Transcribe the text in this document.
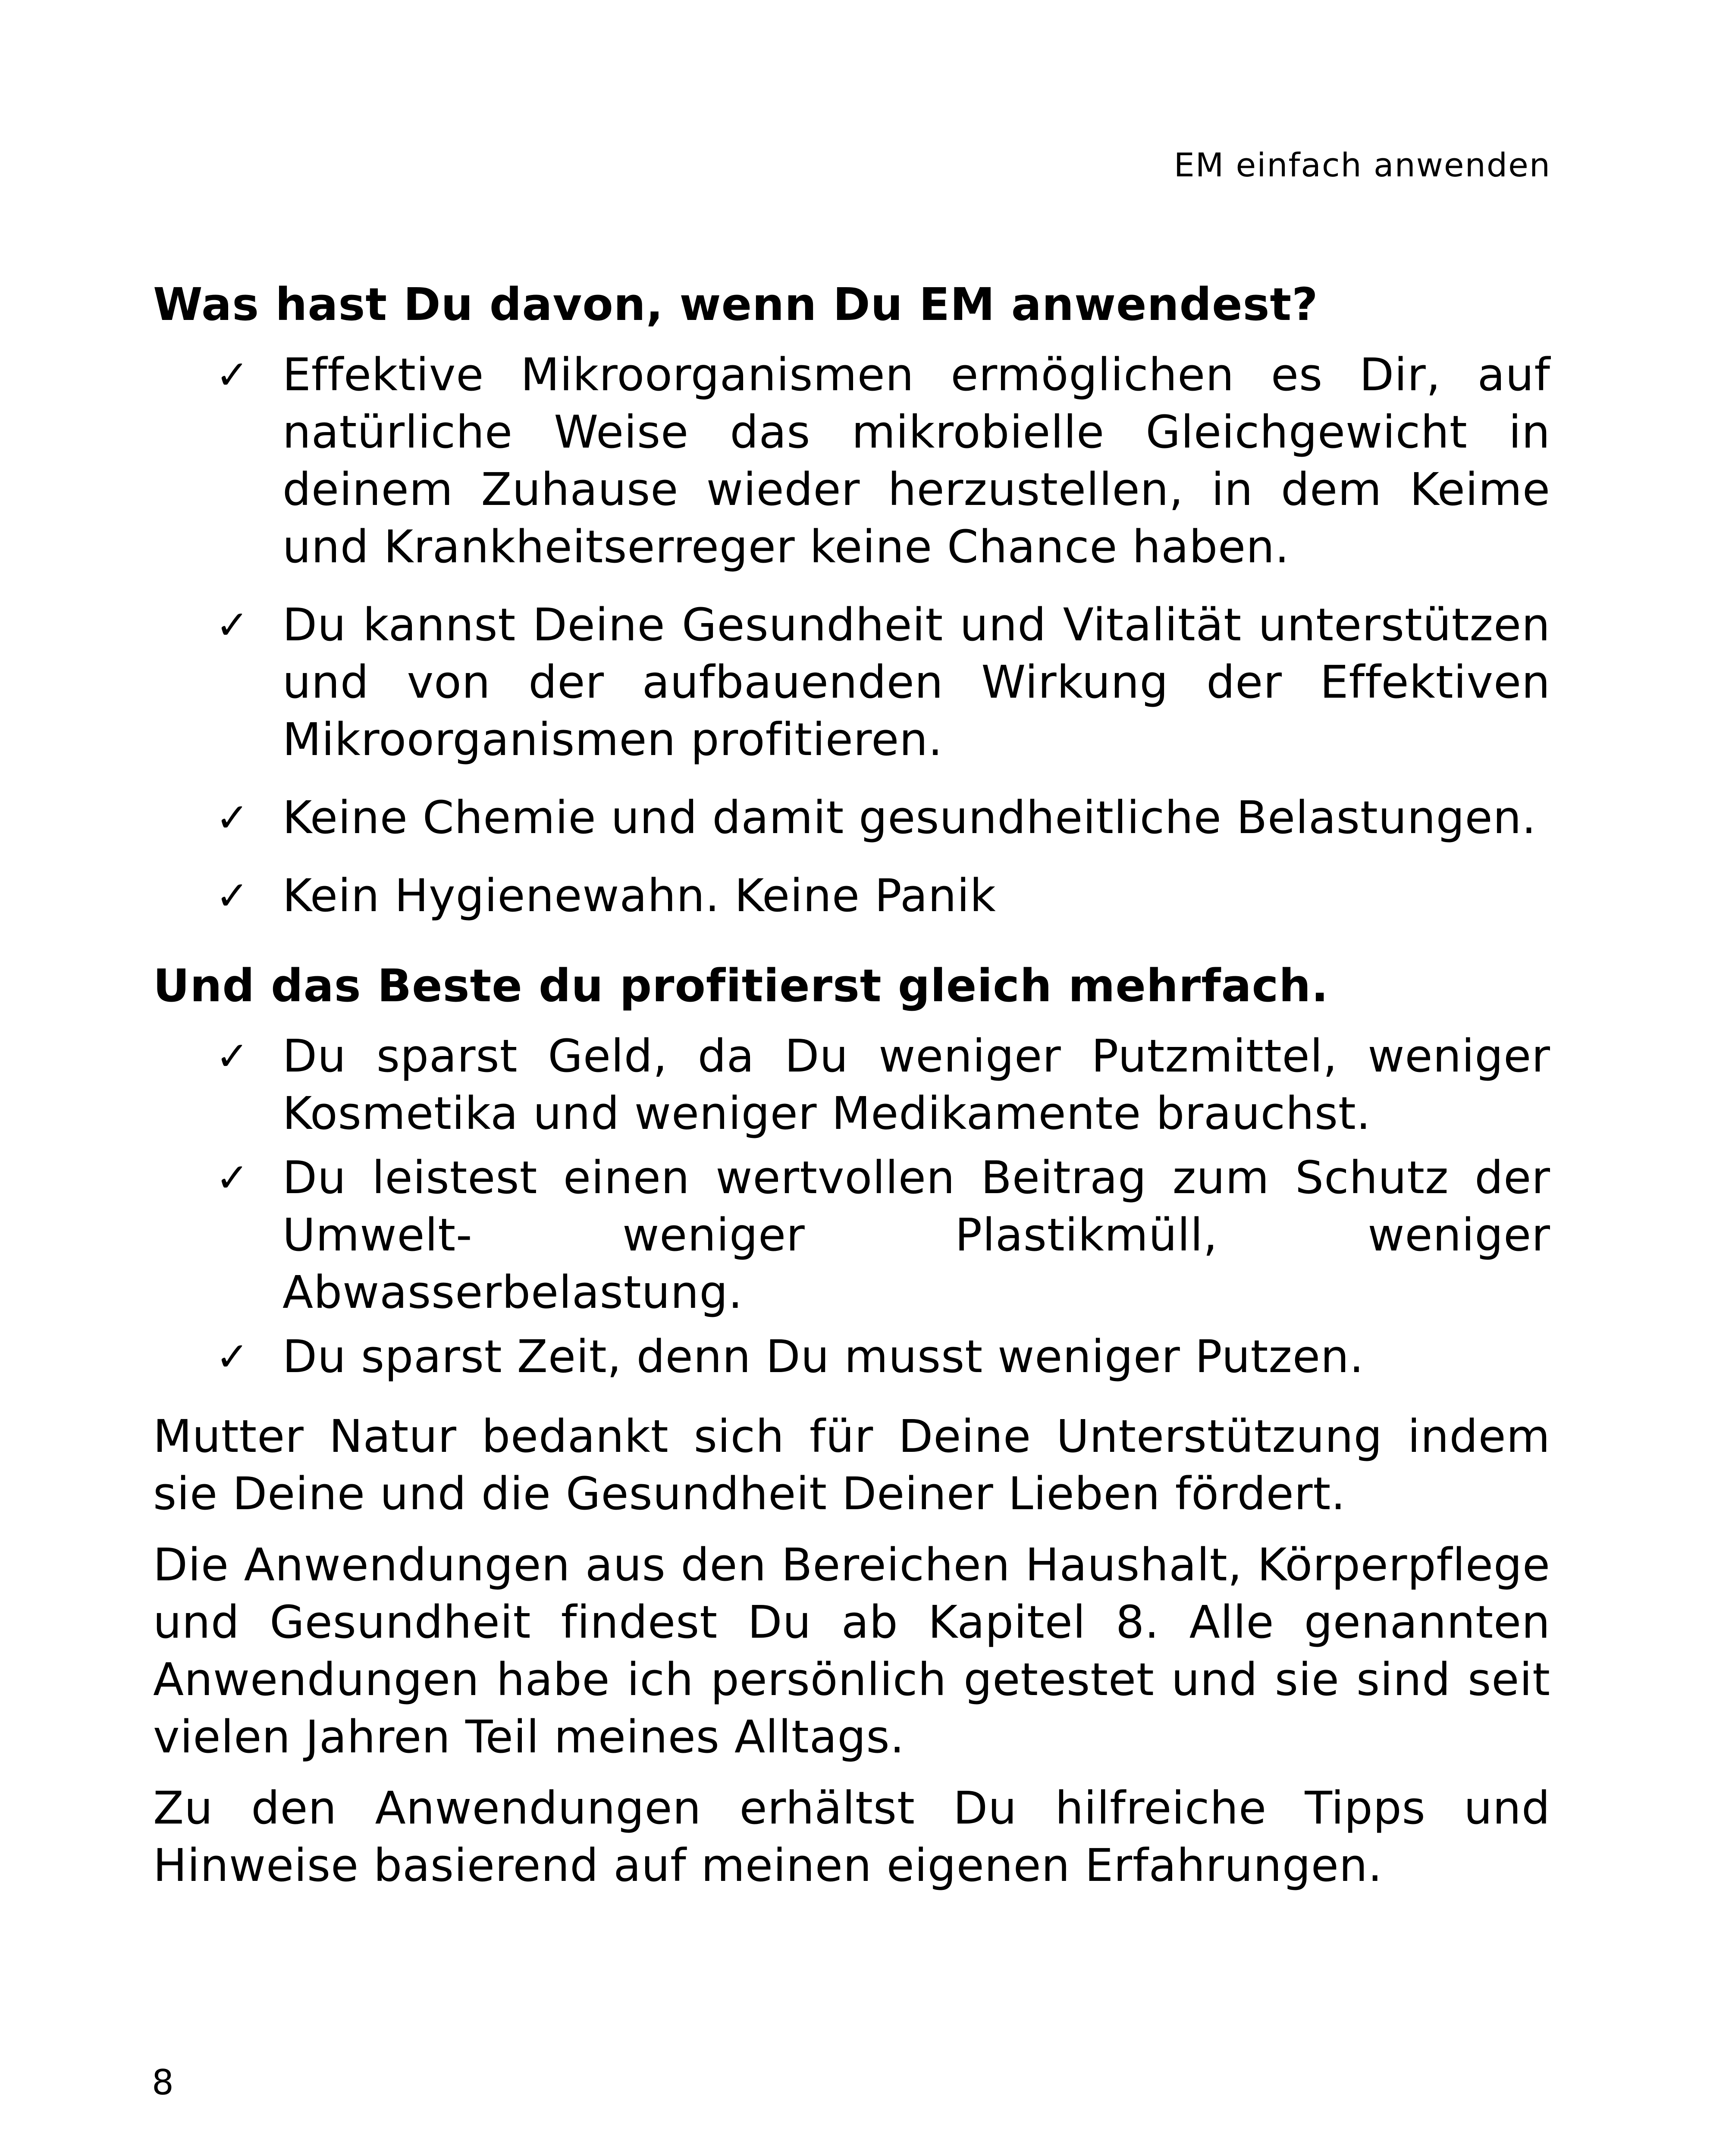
EM einfach anwenden
Was hast Du davon, wenn Du EM anwendest?
✓ Effektive Mikroorganismen ermöglichen es Dir, auf natürliche Weise das mikrobielle Gleichgewicht in deinem Zuhause wieder herzustellen, in dem Keime und Krankheitserreger keine Chance haben.
✓ Du kannst Deine Gesundheit und Vitalität unterstützen und von der aufbauenden Wirkung der Effektiven Mikroorganismen profitieren.
✓ Keine Chemie und damit gesundheitliche Belastungen.
✓ Kein Hygienewahn. Keine Panik
Und das Beste du profitierst gleich mehrfach.
✓ Du sparst Geld, da Du weniger Putzmittel, weniger Kosmetika und weniger Medikamente brauchst.
✓ Du leistest einen wertvollen Beitrag zum Schutz der Umwelt- weniger Plastikmüll, weniger Abwasserbelastung.
✓ Du sparst Zeit, denn Du musst weniger Putzen.

Mutter Natur bedankt sich für Deine Unterstützung indem sie Deine und die Gesundheit Deiner Lieben fördert.

Die Anwendungen aus den Bereichen Haushalt, Körperpflege und Gesundheit findest Du ab Kapitel 8. Alle genannten Anwendungen habe ich persönlich getestet und sie sind seit vielen Jahren Teil meines Alltags.

Zu den Anwendungen erhältst Du hilfreiche Tipps und Hinweise basierend auf meinen eigenen Erfahrungen.

8
